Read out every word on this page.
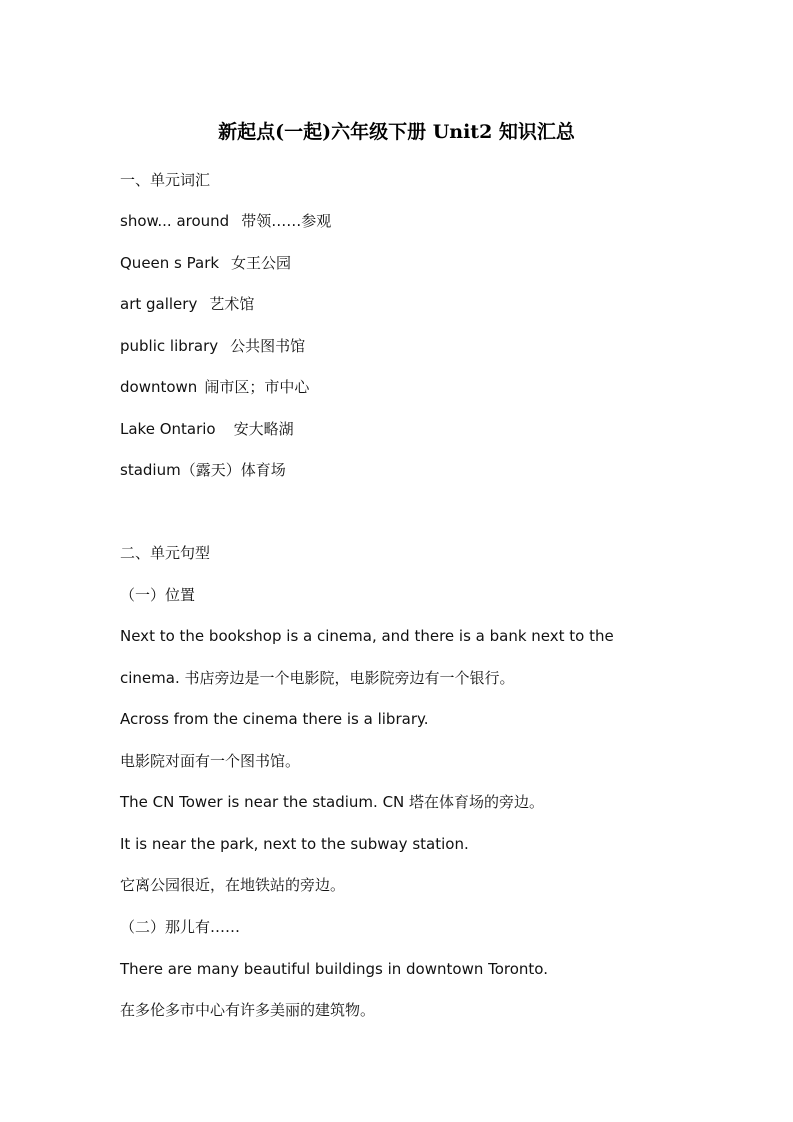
新起点(一起)六年级下册 Unit2 知识汇总
一、单元词汇
show... around 带领……参观
Queen s Park 女王公园
art gallery 艺术馆
public library 公共图书馆
downtown 闹市区；市中心
Lake Ontario 安大略湖
stadium（露天）体育场
二、单元句型
（一）位置
Next to the bookshop is a cinema, and there is a bank next to the
cinema. 书店旁边是一个电影院，电影院旁边有一个银行。
Across from the cinema there is a library.
电影院对面有一个图书馆。
The CN Tower is near the stadium. CN 塔在体育场的旁边。
It is near the park, next to the subway station.
它离公园很近，在地铁站的旁边。
（二）那儿有……
There are many beautiful buildings in downtown Toronto.
在多伦多市中心有许多美丽的建筑物。
